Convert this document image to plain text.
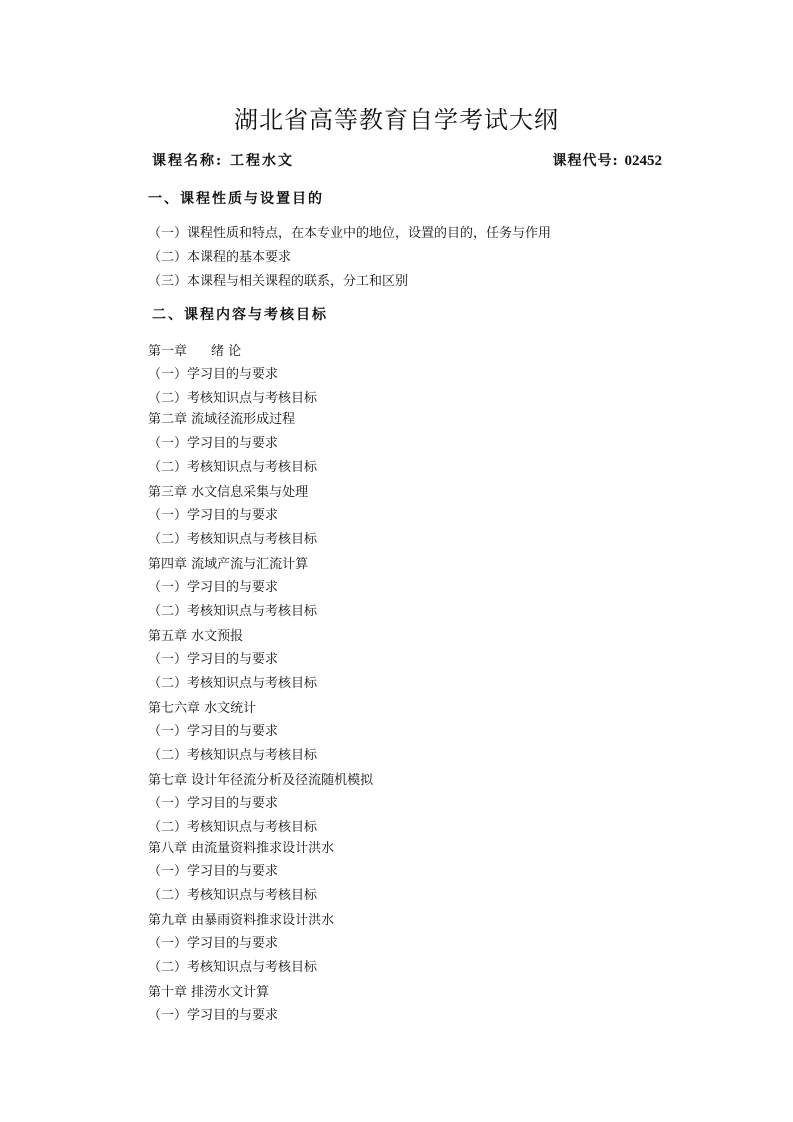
湖北省高等教育自学考试大纲
课程名称: 工程水文	课程代号: 02452
一、课程性质与设置目的
（一）课程性质和特点，在本专业中的地位，设置的目的，任务与作用
（二）本课程的基本要求
（三）本课程与相关课程的联系，分工和区别
二、课程内容与考核目标
第一章 绪 论
（一）学习目的与要求
（二）考核知识点与考核目标
第二章 流域径流形成过程
（一）学习目的与要求
（二）考核知识点与考核目标
第三章 水文信息采集与处理
（一）学习目的与要求
（二）考核知识点与考核目标
第四章 流域产流与汇流计算
（一）学习目的与要求
（二）考核知识点与考核目标
第五章 水文预报
（一）学习目的与要求
（二）考核知识点与考核目标
第七六章 水文统计
（一）学习目的与要求
（二）考核知识点与考核目标
第七章 设计年径流分析及径流随机模拟
（一）学习目的与要求
（二）考核知识点与考核目标
第八章 由流量资料推求设计洪水
（一）学习目的与要求
（二）考核知识点与考核目标
第九章 由暴雨资料推求设计洪水
（一）学习目的与要求
（二）考核知识点与考核目标
第十章 排涝水文计算
（一）学习目的与要求
